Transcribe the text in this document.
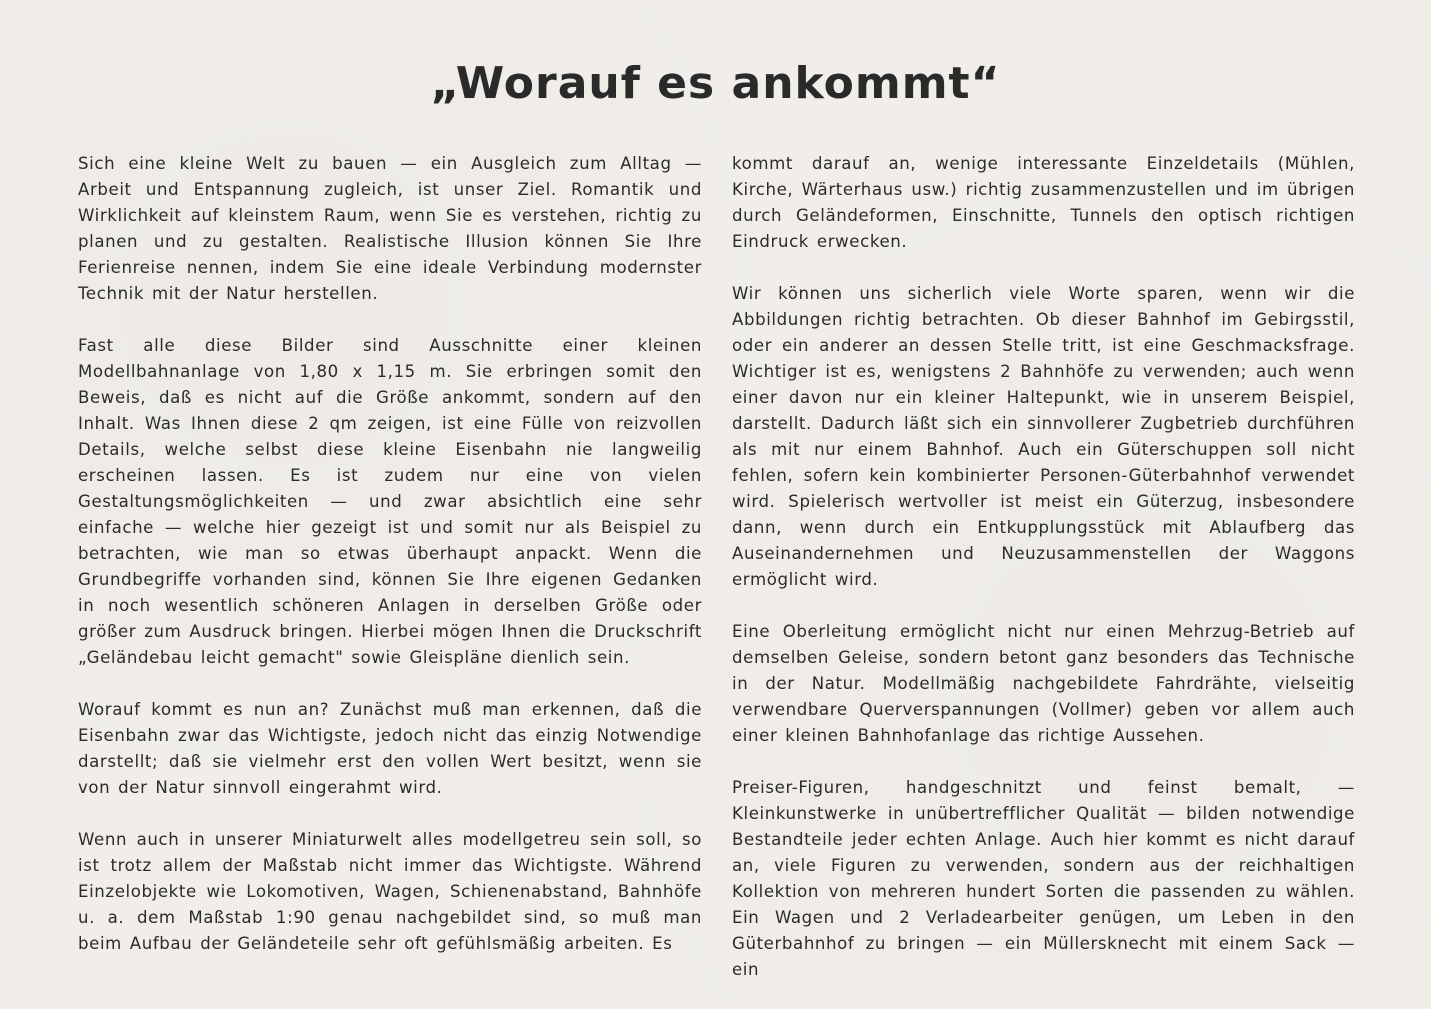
„Worauf es ankommt“

Sich eine kleine Welt zu bauen — ein Ausgleich zum Alltag — Arbeit und Entspannung zugleich, ist unser Ziel. Romantik und Wirklichkeit auf kleinstem Raum, wenn Sie es verstehen, richtig zu planen und zu gestalten. Realistische Illusion können Sie Ihre Ferienreise nennen, indem Sie eine ideale Verbindung modernster Technik mit der Natur herstellen.

Fast alle diese Bilder sind Ausschnitte einer kleinen Modellbahnanlage von 1,80 x 1,15 m. Sie erbringen somit den Beweis, daß es nicht auf die Größe ankommt, sondern auf den Inhalt. Was Ihnen diese 2 qm zeigen, ist eine Fülle von reizvollen Details, welche selbst diese kleine Eisenbahn nie langweilig erscheinen lassen. Es ist zudem nur eine von vielen Gestaltungsmöglichkeiten — und zwar absichtlich eine sehr einfache — welche hier gezeigt ist und somit nur als Beispiel zu betrachten, wie man so etwas überhaupt anpackt. Wenn die Grundbegriffe vorhanden sind, können Sie Ihre eigenen Gedanken in noch wesentlich schöneren Anlagen in derselben Größe oder größer zum Ausdruck bringen. Hierbei mögen Ihnen die Druckschrift „Geländebau leicht gemacht" sowie Gleispläne dienlich sein.

Worauf kommt es nun an? Zunächst muß man erkennen, daß die Eisenbahn zwar das Wichtigste, jedoch nicht das einzig Notwendige darstellt; daß sie vielmehr erst den vollen Wert besitzt, wenn sie von der Natur sinnvoll eingerahmt wird.

Wenn auch in unserer Miniaturwelt alles modellgetreu sein soll, so ist trotz allem der Maßstab nicht immer das Wichtigste. Während Einzelobjekte wie Lokomotiven, Wagen, Schienenabstand, Bahnhöfe u. a. dem Maßstab 1:90 genau nachgebildet sind, so muß man beim Aufbau der Geländeteile sehr oft gefühlsmäßig arbeiten. Es

kommt darauf an, wenige interessante Einzeldetails (Mühlen, Kirche, Wärterhaus usw.) richtig zusammenzustellen und im übrigen durch Geländeformen, Einschnitte, Tunnels den optisch richtigen Eindruck erwecken.

Wir können uns sicherlich viele Worte sparen, wenn wir die Abbildungen richtig betrachten. Ob dieser Bahnhof im Gebirgsstil, oder ein anderer an dessen Stelle tritt, ist eine Geschmacksfrage. Wichtiger ist es, wenigstens 2 Bahnhöfe zu verwenden; auch wenn einer davon nur ein kleiner Haltepunkt, wie in unserem Beispiel, darstellt. Dadurch läßt sich ein sinnvollerer Zugbetrieb durchführen als mit nur einem Bahnhof. Auch ein Güterschuppen soll nicht fehlen, sofern kein kombinierter Personen-Güterbahnhof verwendet wird. Spielerisch wertvoller ist meist ein Güterzug, insbesondere dann, wenn durch ein Entkupplungsstück mit Ablaufberg das Auseinandernehmen und Neuzusammenstellen der Waggons ermöglicht wird.

Eine Oberleitung ermöglicht nicht nur einen Mehrzug-Betrieb auf demselben Geleise, sondern betont ganz besonders das Technische in der Natur. Modellmäßig nachgebildete Fahrdrähte, vielseitig verwendbare Querverspannungen (Vollmer) geben vor allem auch einer kleinen Bahnhofanlage das richtige Aussehen.

Preiser-Figuren, handgeschnitzt und feinst bemalt, — Kleinkunstwerke in unübertrefflicher Qualität — bilden notwendige Bestandteile jeder echten Anlage. Auch hier kommt es nicht darauf an, viele Figuren zu verwenden, sondern aus der reichhaltigen Kollektion von mehreren hundert Sorten die passenden zu wählen. Ein Wagen und 2 Verladearbeiter genügen, um Leben in den Güterbahnhof zu bringen — ein Müllersknecht mit einem Sack — ein
